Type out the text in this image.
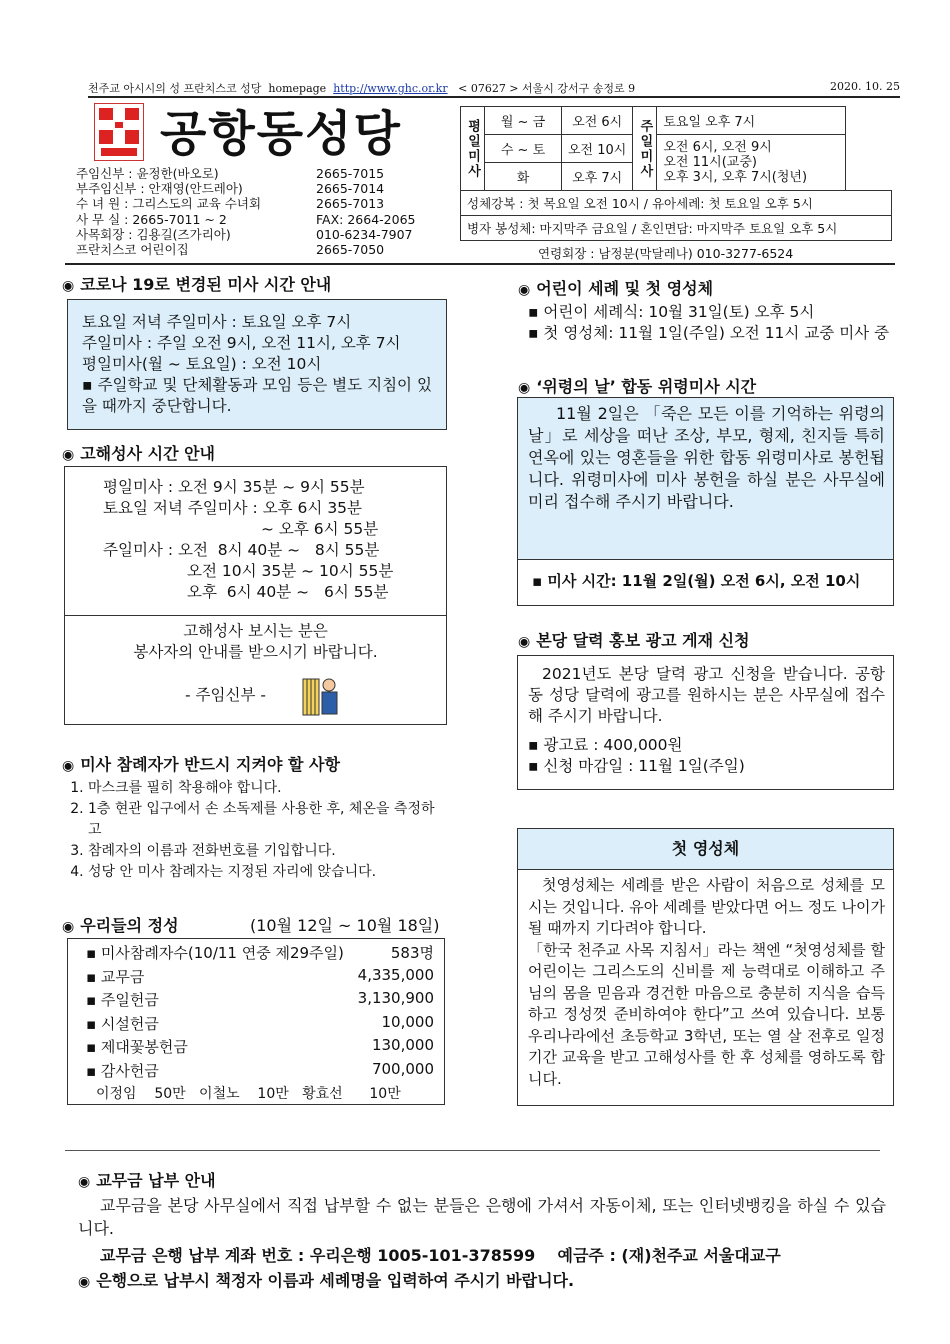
천주교 아시시의 성 프란치스코 성당 homepage http://www.ghc.or.kr < 07627 > 서울시 강서구 송정로 9	2020. 10. 25
공항동성당
주임신부 : 윤정한(바오로)	2665-7015
부주임신부 : 안재영(안드레아)	2665-7014
수 녀 원 : 그리스도의 교육 수녀회	2665-7013
사 무 실 : 2665-7011 ~ 2	FAX: 2664-2065
사목회장 : 김용길(즈가리아)	010-6234-7907
프란치스코 어린이집	2665-7050
평일미사	월 ~ 금	오전 6시	주일미사	토요일 오후 7시
	수 ~ 토	오전 10시		오전 6시, 오전 9시
오전 11시(교중)
오후 3시, 오후 7시(청년)

	화	오후 7시		
성체강복 : 첫 목요일 오전 10시 / 유아세례: 첫 토요일 오후 5시
병자 봉성체: 마지막주 금요일 / 혼인면담: 마지막주 토요일 오후 5시
연령회장 : 남정분(막달레나) 010-3277-6524
◉ 코로나 19로 변경된 미사 시간 안내
토요일 저녁 주일미사 : 토요일 오후 7시
주일미사 : 주일 오전 9시, 오전 11시, 오후 7시
평일미사(월 ~ 토요일) : 오전 10시
▪ 주일학교 및 단체활동과 모임 등은 별도 지침이 있을 때까지 중단합니다.
◉ 고해성사 시간 안내
평일미사 : 오전 9시 35분 ~ 9시 55분
토요일 저녁 주일미사 : 오후 6시 35분
~ 오후 6시 55분
주일미사 : 오전  8시 40분 ~   8시 55분
오전 10시 35분 ~ 10시 55분
오후  6시 40분 ~   6시 55분
고해성사 보시는 분은
봉사자의 안내를 받으시기 바랍니다.
- 주임신부 -
◉ 미사 참례자가 반드시 지켜야 할 사항
1. 마스크를 필히 착용해야 합니다.
2. 1층 현관 입구에서 손 소독제를 사용한 후, 체온을 측정하고
3. 참례자의 이름과 전화번호를 기입합니다.
4. 성당 안 미사 참례자는 지정된 자리에 앉습니다.
◉ 우리들의 정성	(10월 12일 ~ 10월 18일)
▪ 미사참례자수(10/11 연중 제29주일)	583명
▪ 교무금	4,335,000
▪ 주일헌금	3,130,900
▪ 시설헌금	10,000
▪ 제대꽃봉헌금	130,000
▪ 감사헌금	700,000
이정임    50만   이철노    10만   황효선      10만
◉ 어린이 세례 및 첫 영성체
▪ 어린이 세례식: 10월 31일(토) 오후 5시
▪ 첫 영성체: 11월 1일(주일) 오전 11시 교중 미사 중
◉ ‘위령의 날’ 합동 위령미사 시간
11월 2일은 「죽은 모든 이를 기억하는 위령의 날」로 세상을 떠난 조상, 부모, 형제, 친지들 특히 연옥에 있는 영혼들을 위한 합동 위령미사로 봉헌됩니다. 위령미사에 미사 봉헌을 하실 분은 사무실에 미리 접수해 주시기 바랍니다.
▪ 미사 시간: 11월 2일(월) 오전 6시, 오전 10시
◉ 본당 달력 홍보 광고 게재 신청
2021년도 본당 달력 광고 신청을 받습니다. 공항동 성당 달력에 광고를 원하시는 분은 사무실에 접수해 주시기 바랍니다.
▪ 광고료 : 400,000원
▪ 신청 마감일 : 11월 1일(주일)
첫 영성체
첫영성체는 세례를 받은 사람이 처음으로 성체를 모시는 것입니다. 유아 세례를 받았다면 어느 정도 나이가 될 때까지 기다려야 합니다.
「한국 천주교 사목 지침서」라는 책엔 “첫영성체를 할 어린이는 그리스도의 신비를 제 능력대로 이해하고 주님의 몸을 믿음과 경건한 마음으로 충분히 지식을 습득하고 정성껏 준비하여야 한다”고 쓰여 있습니다. 보통 우리나라에선 초등학교 3학년, 또는 열 살 전후로 일정 기간 교육을 받고 고해성사를 한 후 성체를 영하도록 합니다.
◉ 교무금 납부 안내
교무금을 본당 사무실에서 직접 납부할 수 없는 분들은 은행에 가셔서 자동이체, 또는 인터넷뱅킹을 하실 수 있습니다.
교무금 은행 납부 계좌 번호 : 우리은행 1005-101-378599    예금주 : (재)천주교 서울대교구
◉ 은행으로 납부시 책정자 이름과 세례명을 입력하여 주시기 바랍니다.
